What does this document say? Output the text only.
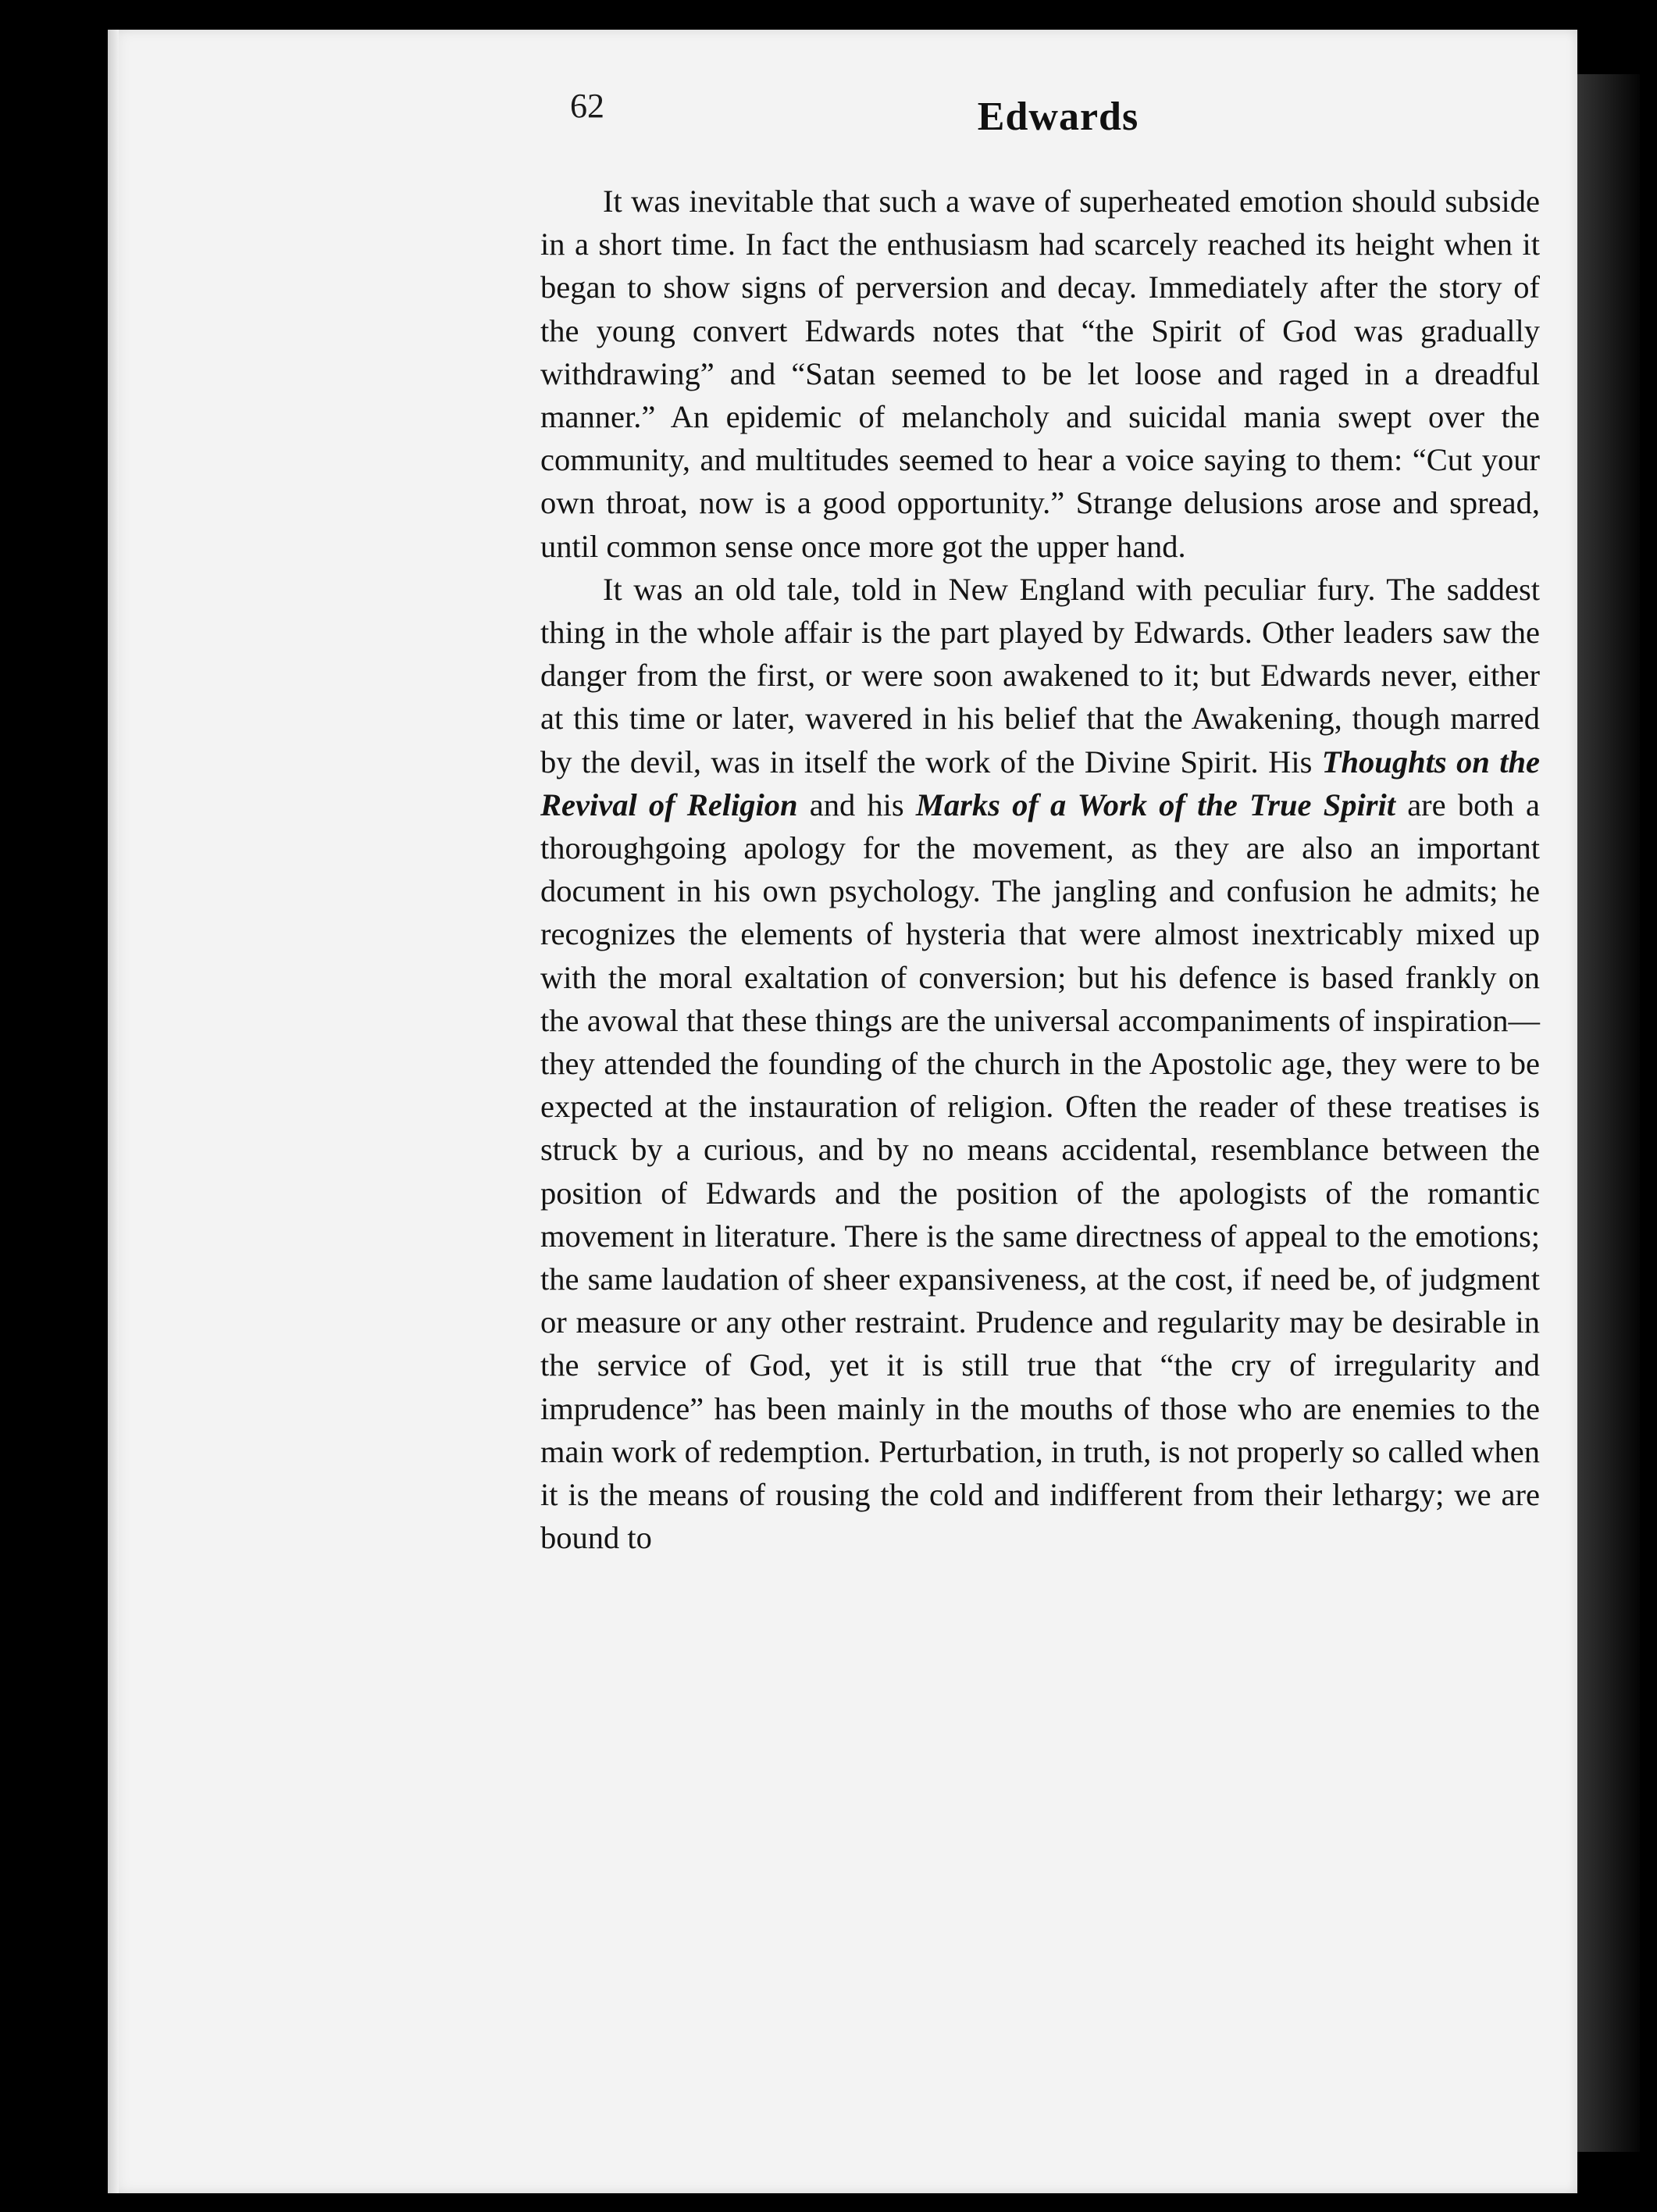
62	Edwards

It was inevitable that such a wave of superheated emotion should subside in a short time. In fact the enthusiasm had scarcely reached its height when it began to show signs of perversion and decay. Immediately after the story of the young convert Edwards notes that “the Spirit of God was gradually withdrawing” and “Satan seemed to be let loose and raged in a dreadful manner.” An epidemic of melancholy and suicidal mania swept over the community, and multitudes seemed to hear a voice saying to them: “Cut your own throat, now is a good opportunity.” Strange delusions arose and spread, until common sense once more got the upper hand.

It was an old tale, told in New England with peculiar fury. The saddest thing in the whole affair is the part played by Edwards. Other leaders saw the danger from the first, or were soon awakened to it; but Edwards never, either at this time or later, wavered in his belief that the Awakening, though marred by the devil, was in itself the work of the Divine Spirit. His Thoughts on the Revival of Religion and his Marks of a Work of the True Spirit are both a thoroughgoing apology for the movement, as they are also an important document in his own psychology. The jangling and confusion he admits; he recognizes the elements of hysteria that were almost inextricably mixed up with the moral exaltation of conversion; but his defence is based frankly on the avowal that these things are the universal accompaniments of inspiration—they attended the founding of the church in the Apostolic age, they were to be expected at the instauration of religion. Often the reader of these treatises is struck by a curious, and by no means accidental, resemblance between the position of Edwards and the position of the apologists of the romantic movement in literature. There is the same directness of appeal to the emotions; the same laudation of sheer expansiveness, at the cost, if need be, of judgment or measure or any other restraint. Prudence and regularity may be desirable in the service of God, yet it is still true that “the cry of irregularity and imprudence” has been mainly in the mouths of those who are enemies to the main work of redemption. Perturbation, in truth, is not properly so called when it is the means of rousing the cold and indifferent from their lethargy; we are bound to
